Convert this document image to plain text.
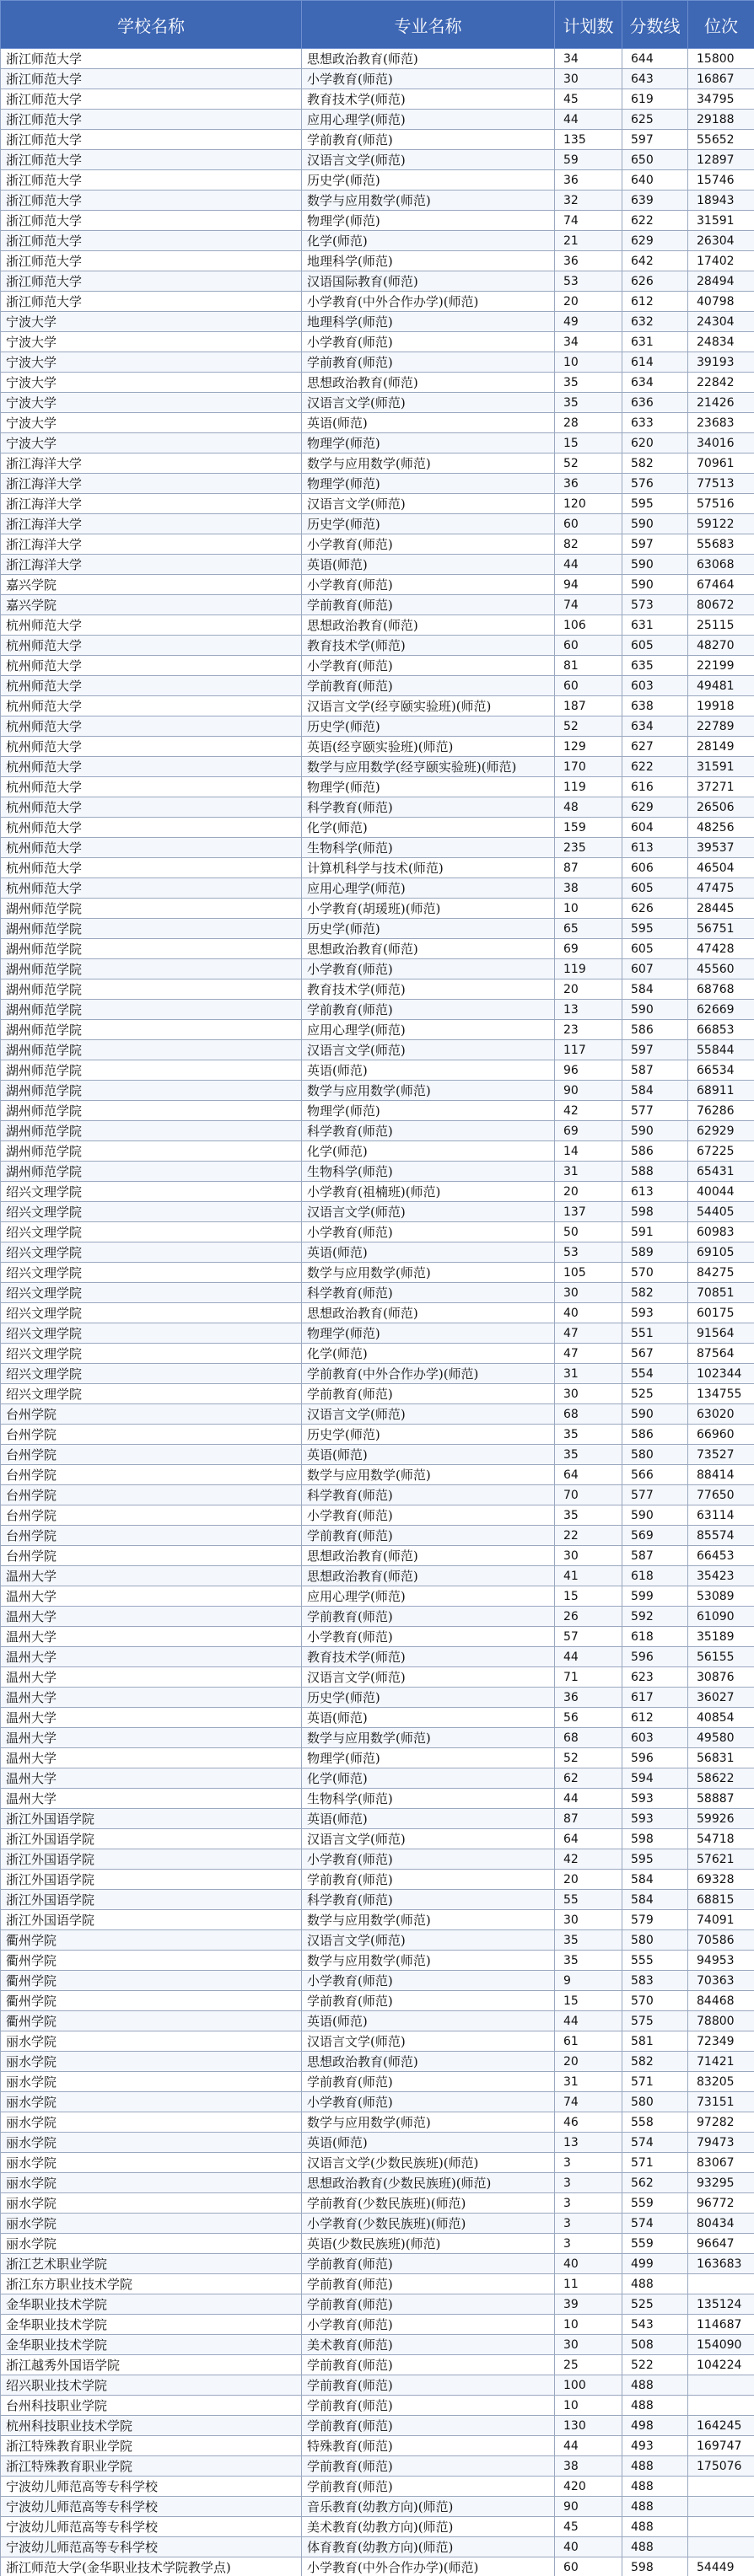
学校名称	专业名称	计划数	分数线	位次
浙江师范大学	思想政治教育(师范)	34	644	15800
浙江师范大学	小学教育(师范)	30	643	16867
浙江师范大学	教育技术学(师范)	45	619	34795
浙江师范大学	应用心理学(师范)	44	625	29188
浙江师范大学	学前教育(师范)	135	597	55652
浙江师范大学	汉语言文学(师范)	59	650	12897
浙江师范大学	历史学(师范)	36	640	15746
浙江师范大学	数学与应用数学(师范)	32	639	18943
浙江师范大学	物理学(师范)	74	622	31591
浙江师范大学	化学(师范)	21	629	26304
浙江师范大学	地理科学(师范)	36	642	17402
浙江师范大学	汉语国际教育(师范)	53	626	28494
浙江师范大学	小学教育(中外合作办学)(师范)	20	612	40798
宁波大学	地理科学(师范)	49	632	24304
宁波大学	小学教育(师范)	34	631	24834
宁波大学	学前教育(师范)	10	614	39193
宁波大学	思想政治教育(师范)	35	634	22842
宁波大学	汉语言文学(师范)	35	636	21426
宁波大学	英语(师范)	28	633	23683
宁波大学	物理学(师范)	15	620	34016
浙江海洋大学	数学与应用数学(师范)	52	582	70961
浙江海洋大学	物理学(师范)	36	576	77513
浙江海洋大学	汉语言文学(师范)	120	595	57516
浙江海洋大学	历史学(师范)	60	590	59122
浙江海洋大学	小学教育(师范)	82	597	55683
浙江海洋大学	英语(师范)	44	590	63068
嘉兴学院	小学教育(师范)	94	590	67464
嘉兴学院	学前教育(师范)	74	573	80672
杭州师范大学	思想政治教育(师范)	106	631	25115
杭州师范大学	教育技术学(师范)	60	605	48270
杭州师范大学	小学教育(师范)	81	635	22199
杭州师范大学	学前教育(师范)	60	603	49481
杭州师范大学	汉语言文学(经亨颐实验班)(师范)	187	638	19918
杭州师范大学	历史学(师范)	52	634	22789
杭州师范大学	英语(经亨颐实验班)(师范)	129	627	28149
杭州师范大学	数学与应用数学(经亨颐实验班)(师范)	170	622	31591
杭州师范大学	物理学(师范)	119	616	37271
杭州师范大学	科学教育(师范)	48	629	26506
杭州师范大学	化学(师范)	159	604	48256
杭州师范大学	生物科学(师范)	235	613	39537
杭州师范大学	计算机科学与技术(师范)	87	606	46504
杭州师范大学	应用心理学(师范)	38	605	47475
湖州师范学院	小学教育(胡瑗班)(师范)	10	626	28445
湖州师范学院	历史学(师范)	65	595	56751
湖州师范学院	思想政治教育(师范)	69	605	47428
湖州师范学院	小学教育(师范)	119	607	45560
湖州师范学院	教育技术学(师范)	20	584	68768
湖州师范学院	学前教育(师范)	13	590	62669
湖州师范学院	应用心理学(师范)	23	586	66853
湖州师范学院	汉语言文学(师范)	117	597	55844
湖州师范学院	英语(师范)	96	587	66534
湖州师范学院	数学与应用数学(师范)	90	584	68911
湖州师范学院	物理学(师范)	42	577	76286
湖州师范学院	科学教育(师范)	69	590	62929
湖州师范学院	化学(师范)	14	586	67225
湖州师范学院	生物科学(师范)	31	588	65431
绍兴文理学院	小学教育(祖楠班)(师范)	20	613	40044
绍兴文理学院	汉语言文学(师范)	137	598	54405
绍兴文理学院	小学教育(师范)	50	591	60983
绍兴文理学院	英语(师范)	53	589	69105
绍兴文理学院	数学与应用数学(师范)	105	570	84275
绍兴文理学院	科学教育(师范)	30	582	70851
绍兴文理学院	思想政治教育(师范)	40	593	60175
绍兴文理学院	物理学(师范)	47	551	91564
绍兴文理学院	化学(师范)	47	567	87564
绍兴文理学院	学前教育(中外合作办学)(师范)	31	554	102344
绍兴文理学院	学前教育(师范)	30	525	134755
台州学院	汉语言文学(师范)	68	590	63020
台州学院	历史学(师范)	35	586	66960
台州学院	英语(师范)	35	580	73527
台州学院	数学与应用数学(师范)	64	566	88414
台州学院	科学教育(师范)	70	577	77650
台州学院	小学教育(师范)	35	590	63114
台州学院	学前教育(师范)	22	569	85574
台州学院	思想政治教育(师范)	30	587	66453
温州大学	思想政治教育(师范)	41	618	35423
温州大学	应用心理学(师范)	15	599	53089
温州大学	学前教育(师范)	26	592	61090
温州大学	小学教育(师范)	57	618	35189
温州大学	教育技术学(师范)	44	596	56155
温州大学	汉语言文学(师范)	71	623	30876
温州大学	历史学(师范)	36	617	36027
温州大学	英语(师范)	56	612	40854
温州大学	数学与应用数学(师范)	68	603	49580
温州大学	物理学(师范)	52	596	56831
温州大学	化学(师范)	62	594	58622
温州大学	生物科学(师范)	44	593	58887
浙江外国语学院	英语(师范)	87	593	59926
浙江外国语学院	汉语言文学(师范)	64	598	54718
浙江外国语学院	小学教育(师范)	42	595	57621
浙江外国语学院	学前教育(师范)	20	584	69328
浙江外国语学院	科学教育(师范)	55	584	68815
浙江外国语学院	数学与应用数学(师范)	30	579	74091
衢州学院	汉语言文学(师范)	35	580	70586
衢州学院	数学与应用数学(师范)	35	555	94953
衢州学院	小学教育(师范)	9	583	70363
衢州学院	学前教育(师范)	15	570	84468
衢州学院	英语(师范)	44	575	78800
丽水学院	汉语言文学(师范)	61	581	72349
丽水学院	思想政治教育(师范)	20	582	71421
丽水学院	学前教育(师范)	31	571	83205
丽水学院	小学教育(师范)	74	580	73151
丽水学院	数学与应用数学(师范)	46	558	97282
丽水学院	英语(师范)	13	574	79473
丽水学院	汉语言文学(少数民族班)(师范)	3	571	83067
丽水学院	思想政治教育(少数民族班)(师范)	3	562	93295
丽水学院	学前教育(少数民族班)(师范)	3	559	96772
丽水学院	小学教育(少数民族班)(师范)	3	574	80434
丽水学院	英语(少数民族班)(师范)	3	559	96647
浙江艺术职业学院	学前教育(师范)	40	499	163683
浙江东方职业技术学院	学前教育(师范)	11	488	
金华职业技术学院	学前教育(师范)	39	525	135124
金华职业技术学院	小学教育(师范)	10	543	114687
金华职业技术学院	美术教育(师范)	30	508	154090
浙江越秀外国语学院	学前教育(师范)	25	522	104224
绍兴职业技术学院	学前教育(师范)	100	488	
台州科技职业学院	学前教育(师范)	10	488	
杭州科技职业技术学院	学前教育(师范)	130	498	164245
浙江特殊教育职业学院	特殊教育(师范)	44	493	169747
浙江特殊教育职业学院	学前教育(师范)	38	488	175076
宁波幼儿师范高等专科学校	学前教育(师范)	420	488	
宁波幼儿师范高等专科学校	音乐教育(幼教方向)(师范)	90	488	
宁波幼儿师范高等专科学校	美术教育(幼教方向)(师范)	45	488	
宁波幼儿师范高等专科学校	体育教育(幼教方向)(师范)	40	488	
浙江师范大学(金华职业技术学院教学点)	小学教育(中外合作办学)(师范)	60	598	54449
